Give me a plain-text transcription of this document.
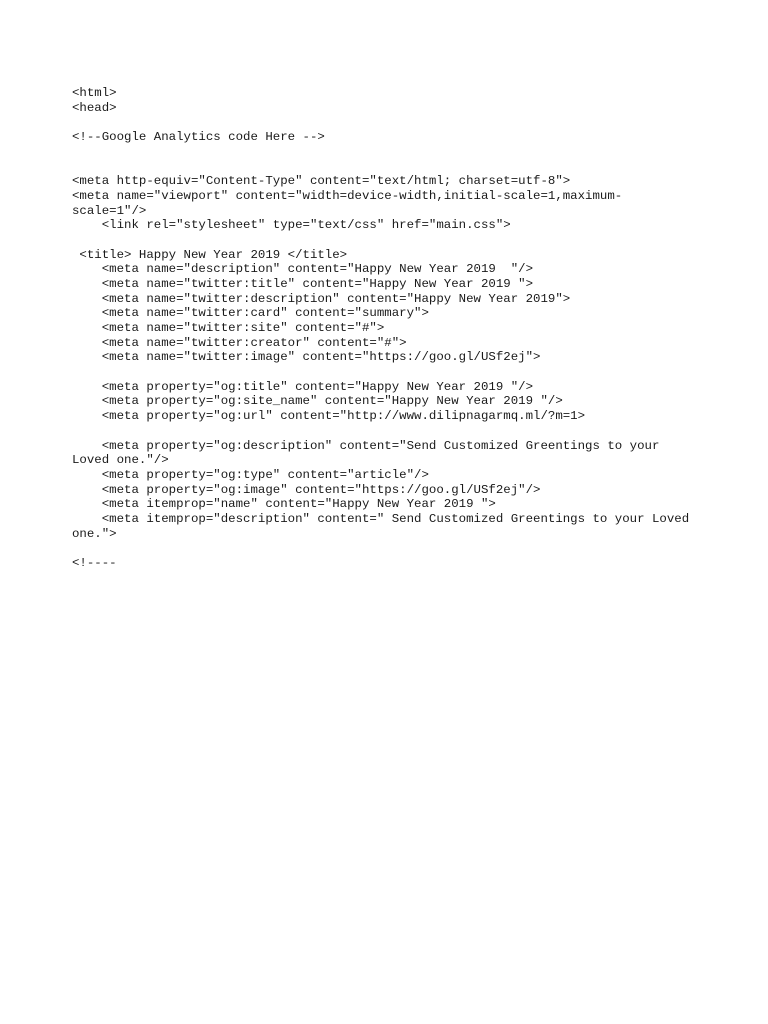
<html>
<head>
<!--Google Analytics code Here -->
<meta http-equiv="Content-Type" content="text/html; charset=utf-8">
<meta name="viewport" content="width=device-width,initial-scale=1,maximum-
scale=1"/>
<link rel="stylesheet" type="text/css" href="main.css">
<title> Happy New Year 2019 </title>
<meta name="description" content="Happy New Year 2019  "/>
<meta name="twitter:title" content="Happy New Year 2019 ">
<meta name="twitter:description" content="Happy New Year 2019">
<meta name="twitter:card" content="summary">
<meta name="twitter:site" content="#">
<meta name="twitter:creator" content="#">
<meta name="twitter:image" content="https://goo.gl/USf2ej">
<meta property="og:title" content="Happy New Year 2019 "/>
<meta property="og:site_name" content="Happy New Year 2019 "/>
<meta property="og:url" content="http://www.dilipnagarmq.ml/?m=1>
<meta property="og:description" content="Send Customized Greentings to your
Loved one."/>
<meta property="og:type" content="article"/>
<meta property="og:image" content="https://goo.gl/USf2ej"/>
<meta itemprop="name" content="Happy New Year 2019 ">
<meta itemprop="description" content=" Send Customized Greentings to your Loved
one.">
<!----
